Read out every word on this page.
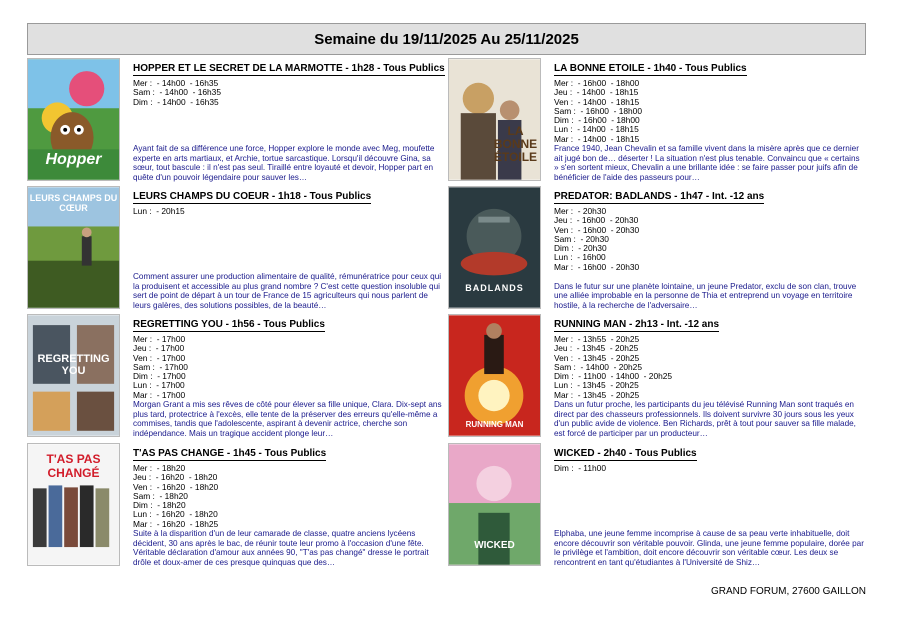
Semaine du 19/11/2025 Au 25/11/2025
Hopper
HOPPER ET LE SECRET DE LA MARMOTTE - 1h28 - Tous Publics
Mer :  - 14h00  - 16h35
Sam :  - 14h00  - 16h35
Dim :  - 14h00  - 16h35
Ayant fait de sa différence une force, Hopper explore le monde avec Meg, moufette experte en arts martiaux, et Archie, tortue sarcastique. Lorsqu'il découvre Gina, sa sœur, tout bascule : il n'est pas seul. Tiraillé entre loyauté et devoir, Hopper part en quête d'un pouvoir légendaire pour sauver les…
LEURS CHAMPS DU CŒUR
LEURS CHAMPS DU COEUR - 1h18 - Tous Publics
Lun :  - 20h15
Comment assurer une production alimentaire de qualité, rémunératrice pour ceux qui la produisent et accessible au plus grand nombre ? C'est cette question insoluble qui sert de point de départ à un tour de France de 15 agriculteurs qui nous parlent de leurs galères, des solutions possibles, de la beauté…
REGRETTING YOU
REGRETTING YOU - 1h56 - Tous Publics
Mer :  - 17h00
Jeu :  - 17h00
Ven :  - 17h00
Sam :  - 17h00
Dim :  - 17h00
Lun :  - 17h00
Mar :  - 17h00
Morgan Grant a mis ses rêves de côté pour élever sa fille unique, Clara. Dix-sept ans plus tard, protectrice à l'excès, elle tente de la préserver des erreurs qu'elle-même a commises, tandis que l'adolescente, aspirant à devenir actrice, cherche son indépendance. Mais un tragique accident plonge leur…
T'AS PAS CHANGÉ
T'AS PAS CHANGE - 1h45 - Tous Publics
Mer :  - 18h20
Jeu :  - 16h20  - 18h20
Ven :  - 16h20  - 18h20
Sam :  - 18h20
Dim :  - 18h20
Lun :  - 16h20  - 18h20
Mar :  - 16h20  - 18h25
Suite à la disparition d'un de leur camarade de classe, quatre anciens lycéens décident, 30 ans après le bac, de réunir toute leur promo à l'occasion d'une fête. Véritable déclaration d'amour aux années 90, "T'as pas changé" dresse le portrait drôle et doux-amer de ces presque quinquas que des…
LA BONNE ÉTOILE
LA BONNE ETOILE - 1h40 - Tous Publics
Mer :  - 16h00  - 18h00
Jeu :  - 14h00  - 18h15
Ven :  - 14h00  - 18h15
Sam :  - 16h00  - 18h00
Dim :  - 16h00  - 18h00
Lun :  - 14h00  - 18h15
Mar :  - 14h00  - 18h15
France 1940, Jean Chevalin et sa famille vivent dans la misère après que ce dernier ait jugé bon de… déserter ! La situation n'est plus tenable. Convaincu que « certains » s'en sortent mieux, Chevalin a une brillante idée : se faire passer pour juifs afin de bénéficier de l'aide des passeurs pour…
BADLANDS
PREDATOR: BADLANDS - 1h47 - Int. -12 ans
Mer :  - 20h30
Jeu :  - 16h00  - 20h30
Ven :  - 16h00  - 20h30
Sam :  - 20h30
Dim :  - 20h30
Lun :  - 16h00
Mar :  - 16h00  - 20h30
Dans le futur sur une planète lointaine, un jeune Predator, exclu de son clan, trouve une alliée improbable en la personne de Thia et entreprend un voyage en territoire hostile, à la recherche de l'adversaire…
RUNNING MAN
RUNNING MAN - 2h13 - Int. -12 ans
Mer :  - 13h55  - 20h25
Jeu :  - 13h45  - 20h25
Ven :  - 13h45  - 20h25
Sam :  - 14h00  - 20h25
Dim :  - 11h00  - 14h00  - 20h25
Lun :  - 13h45  - 20h25
Mar :  - 13h45  - 20h25
Dans un futur proche, les participants du jeu télévisé Running Man sont traqués en direct par des chasseurs professionnels. Ils doivent survivre 30 jours sous les yeux d'un public avide de violence. Ben Richards, prêt à tout pour sauver sa fille malade, est forcé de participer par un producteur…
WICKED
WICKED - 2h40 - Tous Publics
Dim :  - 11h00
Elphaba, une jeune femme incomprise à cause de sa peau verte inhabituelle, doit encore découvrir son véritable pouvoir. Glinda, une jeune femme populaire, dorée par le privilège et l'ambition, doit encore découvrir son véritable cœur. Les deux se rencontrent en tant qu'étudiantes à l'Université de Shiz…
GRAND FORUM, 27600 GAILLON
